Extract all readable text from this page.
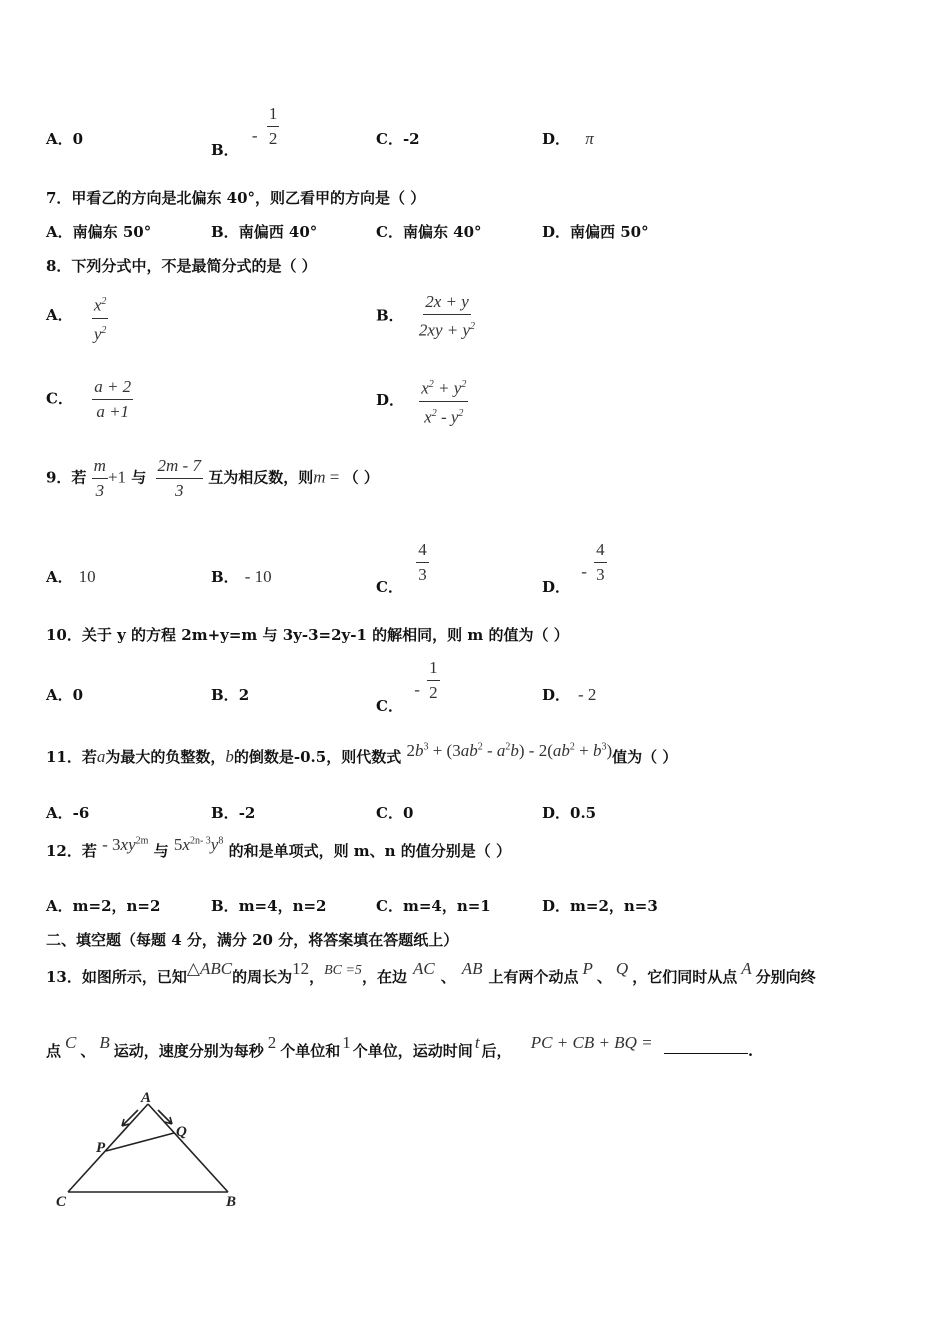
A．0
B． - $\frac{1}{2}$	C．-2	D． π
7．甲看乙的方向是北偏东 40°，则乙看甲的方向是（ ）
A．南偏东 50°	B．南偏西 40°	C．南偏东 40°	D．南偏西 50°
8．下列分式中，不是最简分式的是（ ）
A． $\frac{x^2}{y^2}$	B． $\frac{2x + y}{2xy + y^2}$
C． $\frac{a + 2}{a +1}$	D． $\frac{x^2 + y^2}{x^2 - y^2}$
9．若 $\frac{m}{3} +1$ 与 $\frac{2m - 7}{3}$ 互为相反数，则m = （ ）
A． 10	B． - 10
C．
$\frac{4}{3}$
D． - $\frac{4}{3}$
10．关于 y 的方程 2m+y=m 与 3y-3=2y-1 的解相同，则 m 的值为（ ）
A．0	B．2
C． - $\frac{1}{2}$	D． - 2
11．若a为最大的负整数，b的倒数是-0.5，则代数式 $2b^3 + (3ab^2 - a^2b) - 2(ab^2 + b^3)$值为（ ）
A．-6	B．-2	C．0	D．0.5
12．若 - $3xy^{2m}$ 与 $5x^{2n- 3}y^8$ 的和是单项式，则 m、n 的值分别是（ ）
A．m=2，n=2	B．m=4，n=2	C．m=4，n=1	D．m=2，n=3
二、填空题（每题 4 分，满分 20 分，将答案填在答题纸上）
13．如图所示，已知△ABC的周长为12，BC =5，在边 AC 、 AB 上有两个动点 P 、 Q ，它们同时从点 A 分别向终
点 C 、 B 运动，速度分别为每秒 2 个单位和 1 个单位，运动时间 t 后， PC + CB + BQ =	.
A
Q
P
C	B
